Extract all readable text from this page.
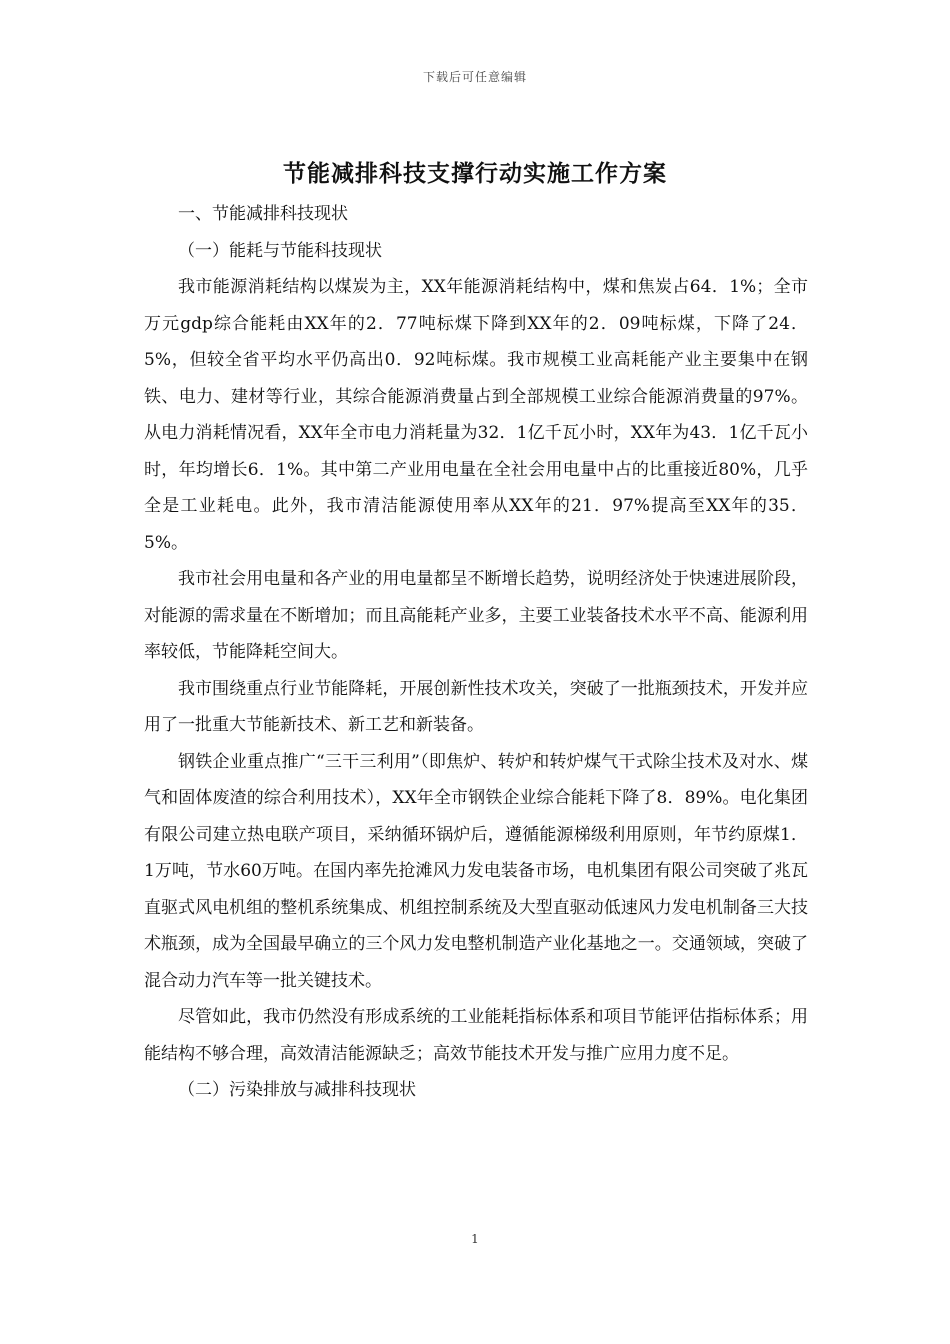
下载后可任意编辑
节能减排科技支撑行动实施工作方案

一、节能减排科技现状

（一）能耗与节能科技现状

我市能源消耗结构以煤炭为主，XX年能源消耗结构中，煤和焦炭占64．1%；全市万元gdp综合能耗由XX年的2．77吨标煤下降到XX年的2．09吨标煤，下降了24．5%，但较全省平均水平仍高出0．92吨标煤。我市规模工业高耗能产业主要集中在钢铁、电力、建材等行业，其综合能源消费量占到全部规模工业综合能源消费量的97%。从电力消耗情况看，XX年全市电力消耗量为32．1亿千瓦小时，XX年为43．1亿千瓦小时，年均增长6．1%。其中第二产业用电量在全社会用电量中占的比重接近80%，几乎全是工业耗电。此外，我市清洁能源使用率从XX年的21．97%提高至XX年的35．5%。

我市社会用电量和各产业的用电量都呈不断增长趋势，说明经济处于快速进展阶段，对能源的需求量在不断增加；而且高能耗产业多，主要工业装备技术水平不高、能源利用率较低，节能降耗空间大。

我市围绕重点行业节能降耗，开展创新性技术攻关，突破了一批瓶颈技术，开发并应用了一批重大节能新技术、新工艺和新装备。

钢铁企业重点推广“三干三利用”（即焦炉、转炉和转炉煤气干式除尘技术及对水、煤气和固体废渣的综合利用技术），XX年全市钢铁企业综合能耗下降了8．89%。电化集团有限公司建立热电联产项目，采纳循环锅炉后，遵循能源梯级利用原则，年节约原煤1．1万吨，节水60万吨。在国内率先抢滩风力发电装备市场，电机集团有限公司突破了兆瓦直驱式风电机组的整机系统集成、机组控制系统及大型直驱动低速风力发电机制备三大技术瓶颈，成为全国最早确立的三个风力发电整机制造产业化基地之一。交通领域，突破了混合动力汽车等一批关键技术。

尽管如此，我市仍然没有形成系统的工业能耗指标体系和项目节能评估指标体系；用能结构不够合理，高效清洁能源缺乏；高效节能技术开发与推广应用力度不足。

（二）污染排放与减排科技现状

1
